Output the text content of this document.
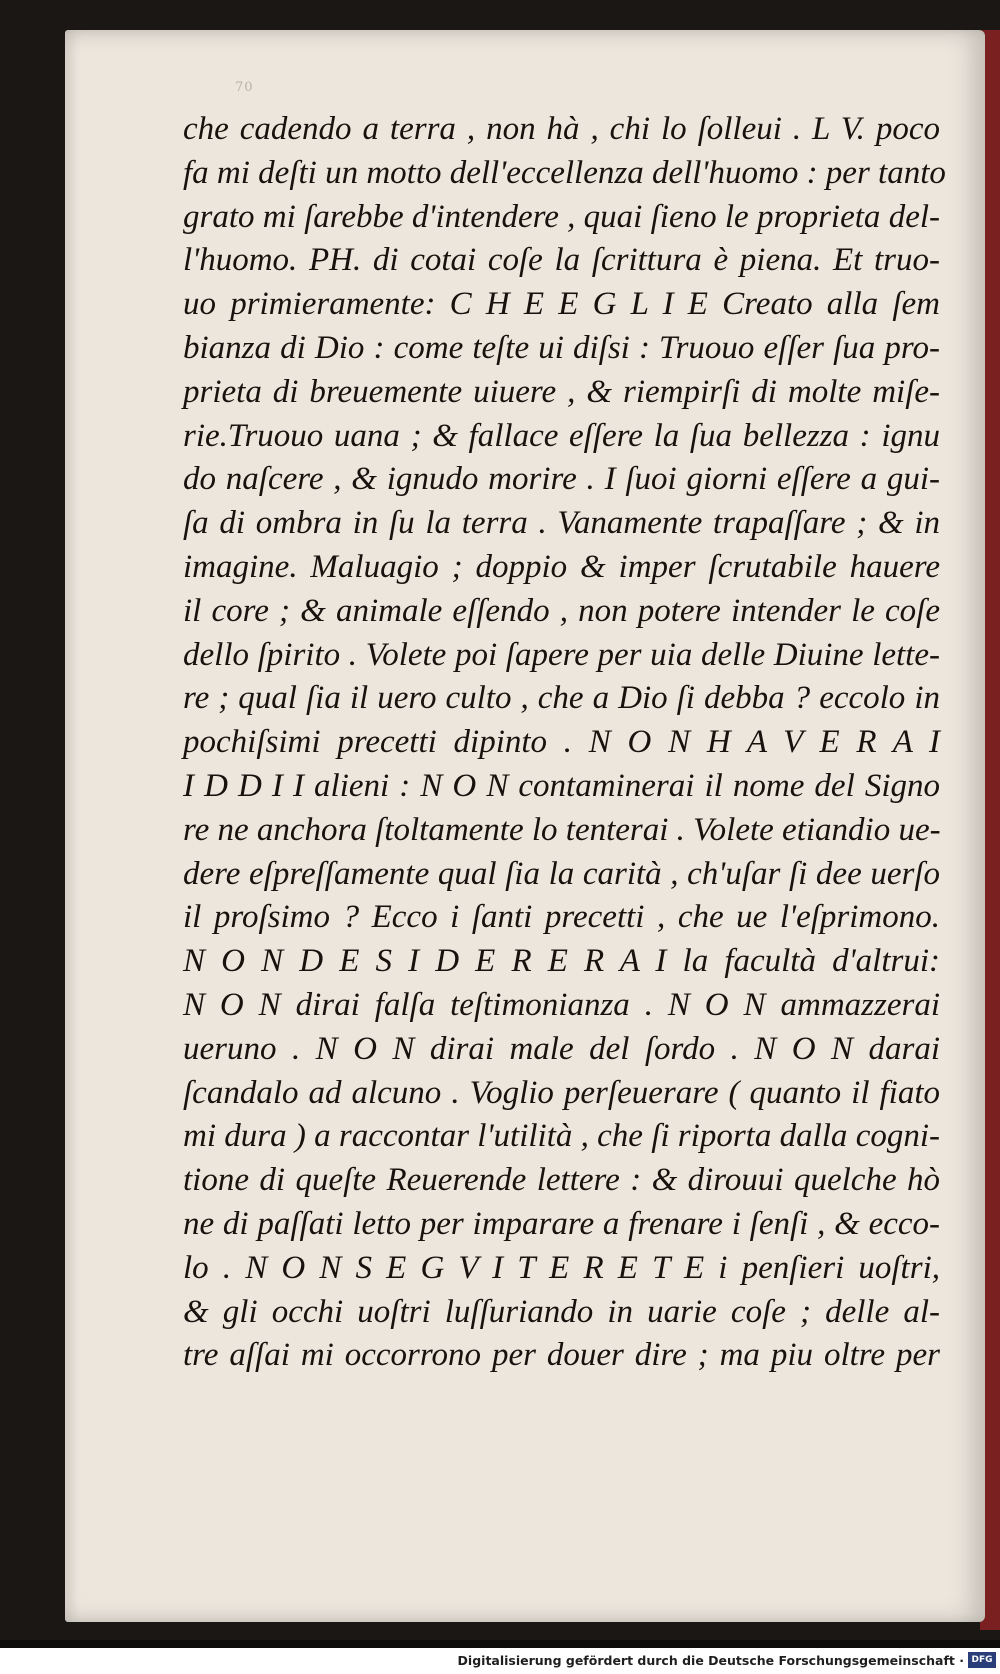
70
che cadendo a terra , non hà , chi lo ſolleui . L V. poco
fa mi deſti un motto dell'eccellenza dell'huomo : per tanto
grato mi ſarebbe d'intendere , quai ſieno le proprieta del-
l'huomo. PH. di cotai coſe la ſcrittura è piena. Et truo-
uo primieramente: C H E E G L I E Creato alla ſem
bianza di Dio : come teſte ui diſsi : Truouo eſſer ſua pro-
prieta di breuemente uiuere , & riempirſi di molte miſe-
rie.Truouo uana ; & fallace eſſere la ſua bellezza : ignu
do naſcere , & ignudo morire . I ſuoi giorni eſſere a gui-
ſa di ombra in ſu la terra . Vanamente trapaſſare ; & in
imagine. Maluagio ; doppio & imper ſcrutabile hauere
il core ; & animale eſſendo , non potere intender le coſe
dello ſpirito . Volete poi ſapere per uia delle Diuine lette-
re ; qual ſia il uero culto , che a Dio ſi debba ? eccolo in
pochiſsimi precetti dipinto . N O N H A V E R A I
I D D I I alieni : N O N contaminerai il nome del Signo
re ne anchora ſtoltamente lo tenterai . Volete etiandio ue-
dere eſpreſſamente qual ſia la carità , ch'uſar ſi dee uerſo
il proſsimo ? Ecco i ſanti precetti , che ue l'eſprimono.
N O N D E S I D E R E R A I la facultà d'altrui:
N O N dirai falſa teſtimonianza . N O N ammazzerai
ueruno . N O N dirai male del ſordo . N O N darai
ſcandalo ad alcuno . Voglio perſeuerare ( quanto il fiato
mi dura ) a raccontar l'utilità , che ſi riporta dalla cogni-
tione di queſte Reuerende lettere : & dirouui quelche hò
ne di paſſati letto per imparare a frenare i ſenſi , & ecco-
lo . N O N S E G V I T E R E T E i penſieri uoſtri,
& gli occhi uoſtri luſſuriando in uarie coſe ; delle al-
tre aſſai mi occorrono per douer dire ; ma piu oltre per
Digitalisierung gefördert durch die Deutsche Forschungsgemeinschaft · DFG
